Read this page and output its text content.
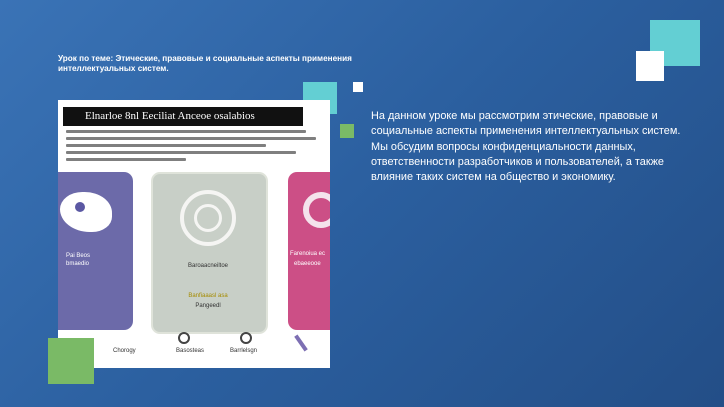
Урок по теме: Этические, правовые и социальные аспекты применения интеллектуальных систем.
Elnarloe 8nl Eeciliat Anceoe osalabios
Pai Beos
bmaedio	Baroaacneiltoe
Banfiaaasl asa
Pangeedl
Farenoiua ec
ebaeeooe
Chorogy	Basosteas	Barrlelsgn
На данном уроке мы рассмотрим этические, правовые и социальные аспекты применения интеллектуальных систем. Мы обсудим вопросы конфиденциальности данных, ответственности разработчиков и пользователей, а также влияние таких систем на общество и экономику.
